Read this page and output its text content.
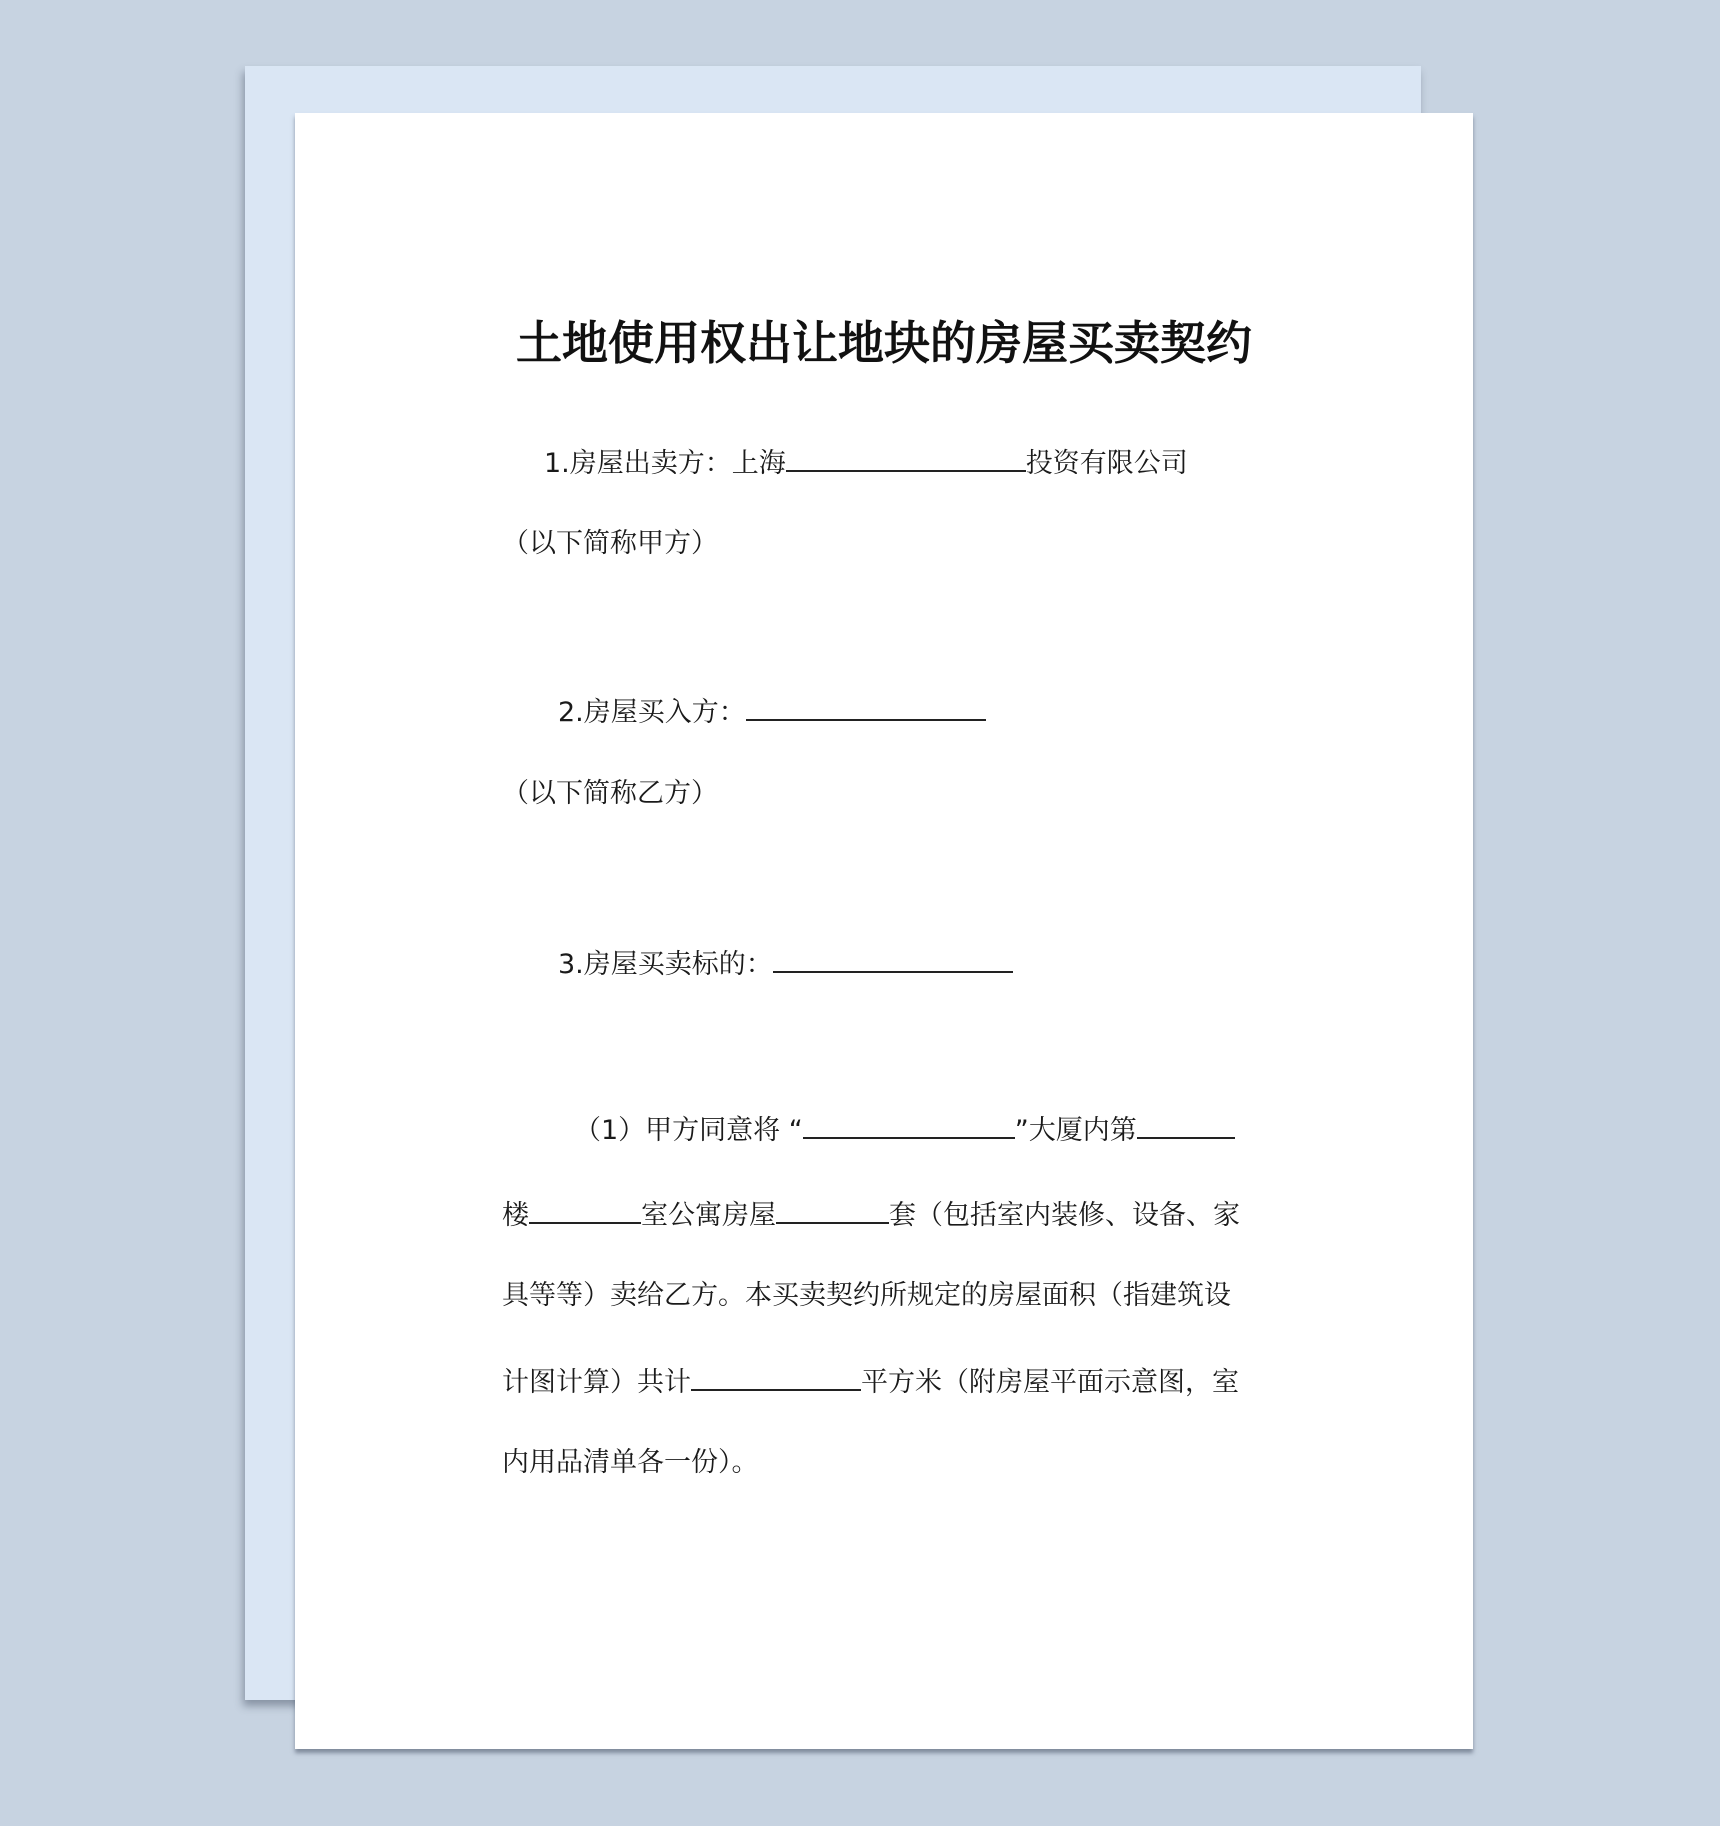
土地使用权出让地块的房屋买卖契约
1.房屋出卖方：上海	投资有限公司
（以下简称甲方）
2.房屋买入方：
（以下简称乙方）
3.房屋买卖标的：
（1）甲方同意将 “	”大厦内第
楼	室公寓房屋	套（包括室内装修、设备、家
具等等）卖给乙方。本买卖契约所规定的房屋面积（指建筑设
计图计算）共计	平方米（附房屋平面示意图，室
内用品清单各一份）。
